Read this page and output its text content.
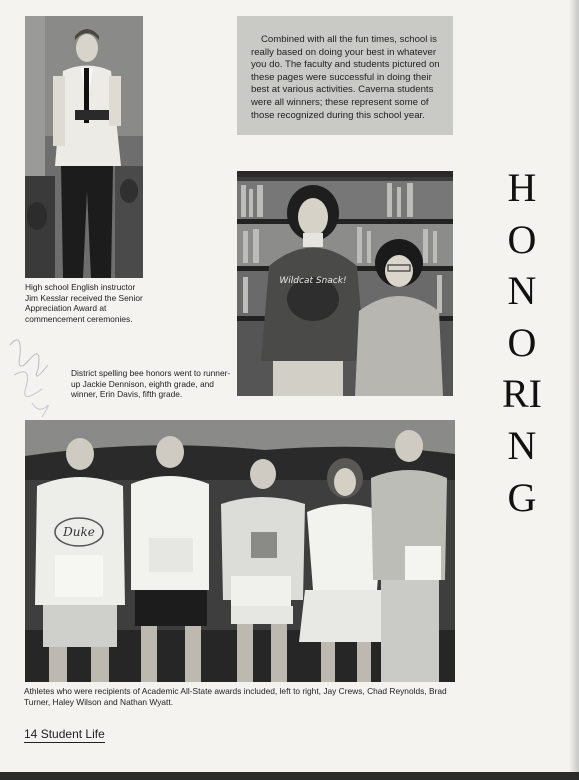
High school English instructor Jim Kesslar received the Senior Appreciation Award at commencement ceremonies.
Combined with all the fun times, school is really based on doing your best in whatever you do. The faculty and students pictured on these pages were successful in doing their best at various activities. Caverna students were all winners; these represent some of those recognized during this school year.
Wildcat Snack!
District spelling bee honors went to runner-up Jackie Dennison, eighth grade, and winner, Erin Davis, fifth grade.
Duke
Athletes who were recipients of Academic All-State awards included, left to right, Jay Crews, Chad Reynolds, Brad Turner, Haley Wilson and Nathan Wyatt.
HONORING
14 Student Life
